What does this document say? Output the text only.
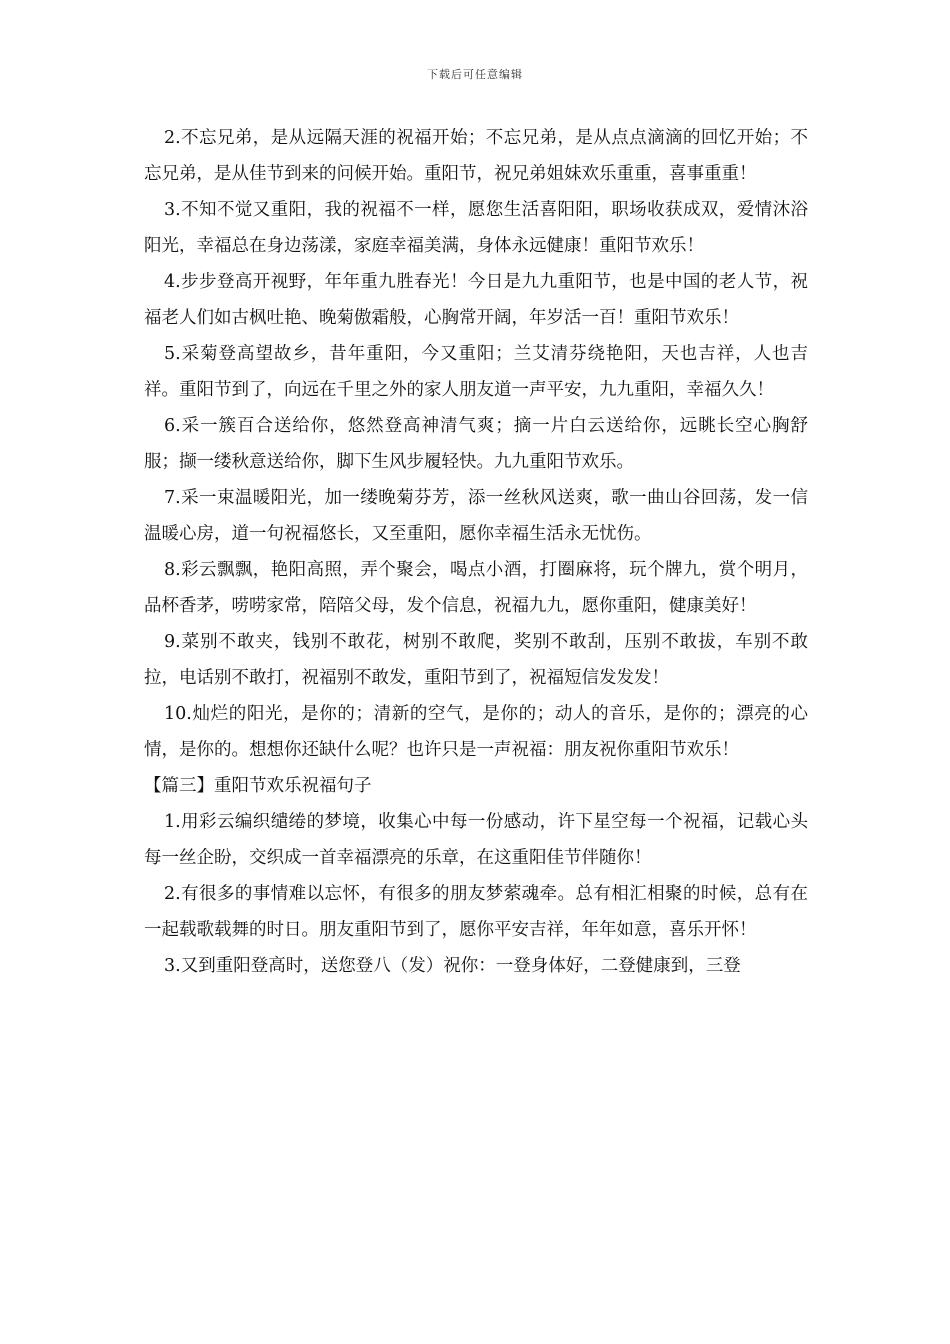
下载后可任意编辑

2.不忘兄弟，是从远隔天涯的祝福开始；不忘兄弟，是从点点滴滴的回忆开始；不忘兄弟，是从佳节到来的问候开始。重阳节，祝兄弟姐妹欢乐重重，喜事重重！

3.不知不觉又重阳，我的祝福不一样，愿您生活喜阳阳，职场收获成双，爱情沐浴阳光，幸福总在身边荡漾，家庭幸福美满，身体永远健康！重阳节欢乐！

4.步步登高开视野，年年重九胜春光！今日是九九重阳节，也是中国的老人节，祝福老人们如古枫吐艳、晚菊傲霜般，心胸常开阔，年岁活一百！重阳节欢乐！

5.采菊登高望故乡，昔年重阳，今又重阳；兰艾清芬绕艳阳，天也吉祥，人也吉祥。重阳节到了，向远在千里之外的家人朋友道一声平安，九九重阳，幸福久久！

6.采一簇百合送给你，悠然登高神清气爽；摘一片白云送给你，远眺长空心胸舒服；撷一缕秋意送给你，脚下生风步履轻快。九九重阳节欢乐。

7.采一束温暖阳光，加一缕晚菊芬芳，添一丝秋风送爽，歌一曲山谷回荡，发一信温暖心房，道一句祝福悠长，又至重阳，愿你幸福生活永无忧伤。

8.彩云飘飘，艳阳高照，弄个聚会，喝点小酒，打圈麻将，玩个牌九，赏个明月，品杯香茅，唠唠家常，陪陪父母，发个信息，祝福九九，愿你重阳，健康美好！

9.菜别不敢夹，钱别不敢花，树别不敢爬，奖别不敢刮，压别不敢拔，车别不敢拉，电话别不敢打，祝福别不敢发，重阳节到了，祝福短信发发发！

10.灿烂的阳光，是你的；清新的空气，是你的；动人的音乐，是你的；漂亮的心情，是你的。想想你还缺什么呢？也许只是一声祝福：朋友祝你重阳节欢乐！

【篇三】重阳节欢乐祝福句子

1.用彩云编织缱绻的梦境，收集心中每一份感动，许下星空每一个祝福，记载心头每一丝企盼，交织成一首幸福漂亮的乐章，在这重阳佳节伴随你！

2.有很多的事情难以忘怀，有很多的朋友梦萦魂牵。总有相汇相聚的时候，总有在一起载歌载舞的时日。朋友重阳节到了，愿你平安吉祥，年年如意，喜乐开怀！

3.又到重阳登高时，送您登八（发）祝你：一登身体好，二登健康到，三登
